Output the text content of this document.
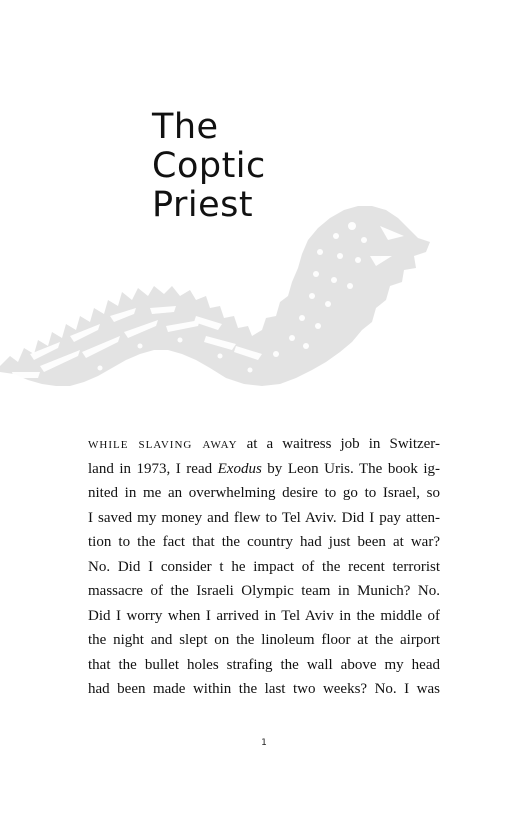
The
Coptic
Priest
while slaving away at a waitress job in Switzer-
land in 1973, I read Exodus by Leon Uris. The book ig-
nited in me an overwhelming desire to go to Israel, so
I saved my money and flew to Tel Aviv. Did I pay atten-
tion to the fact that the country had just been at war?
No. Did I consider t he impact of the recent terrorist
massacre of the Israeli Olympic team in Munich? No.
Did I worry when I arrived in Tel Aviv in the middle of
the night and slept on the linoleum floor at the airport
that the bullet holes strafing the wall above my head
had been made within the last two weeks? No. I was
1
